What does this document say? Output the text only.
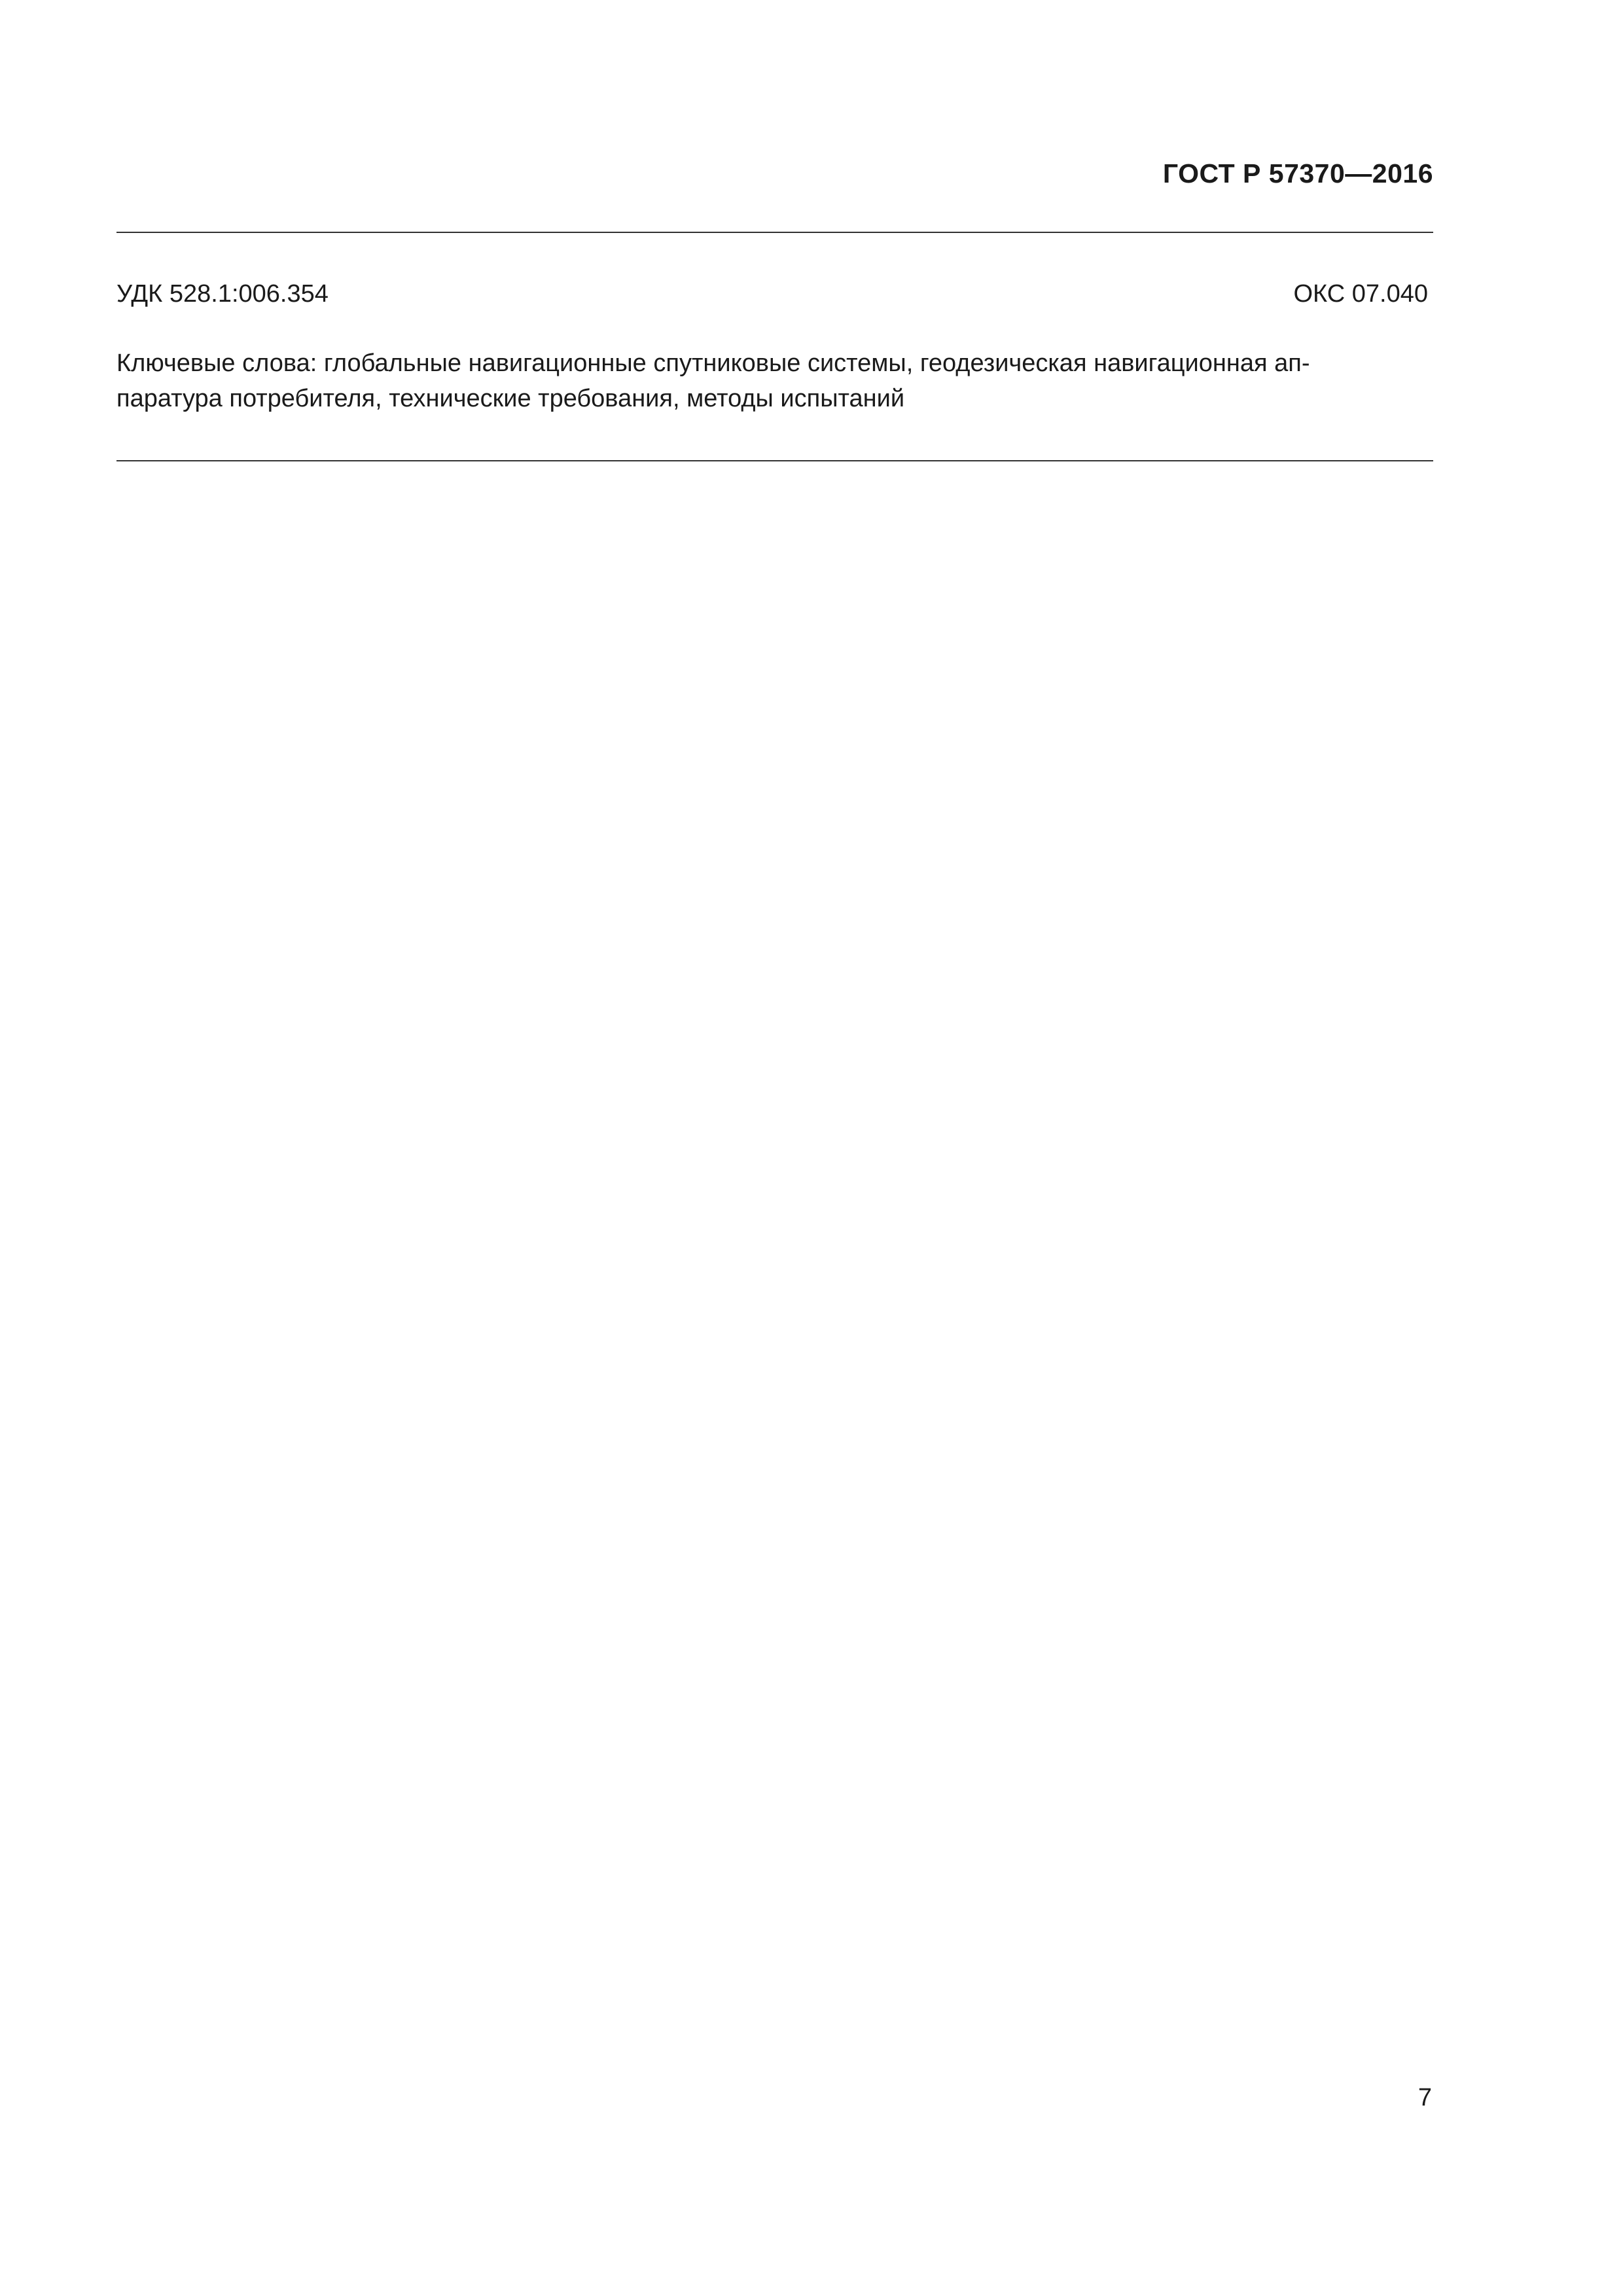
ГОСТ Р 57370—2016
УДК 528.1:006.354	ОКС 07.040
Ключевые слова: глобальные навигационные спутниковые системы, геодезическая навигационная ап-
паратура потребителя, технические требования, методы испытаний
7
